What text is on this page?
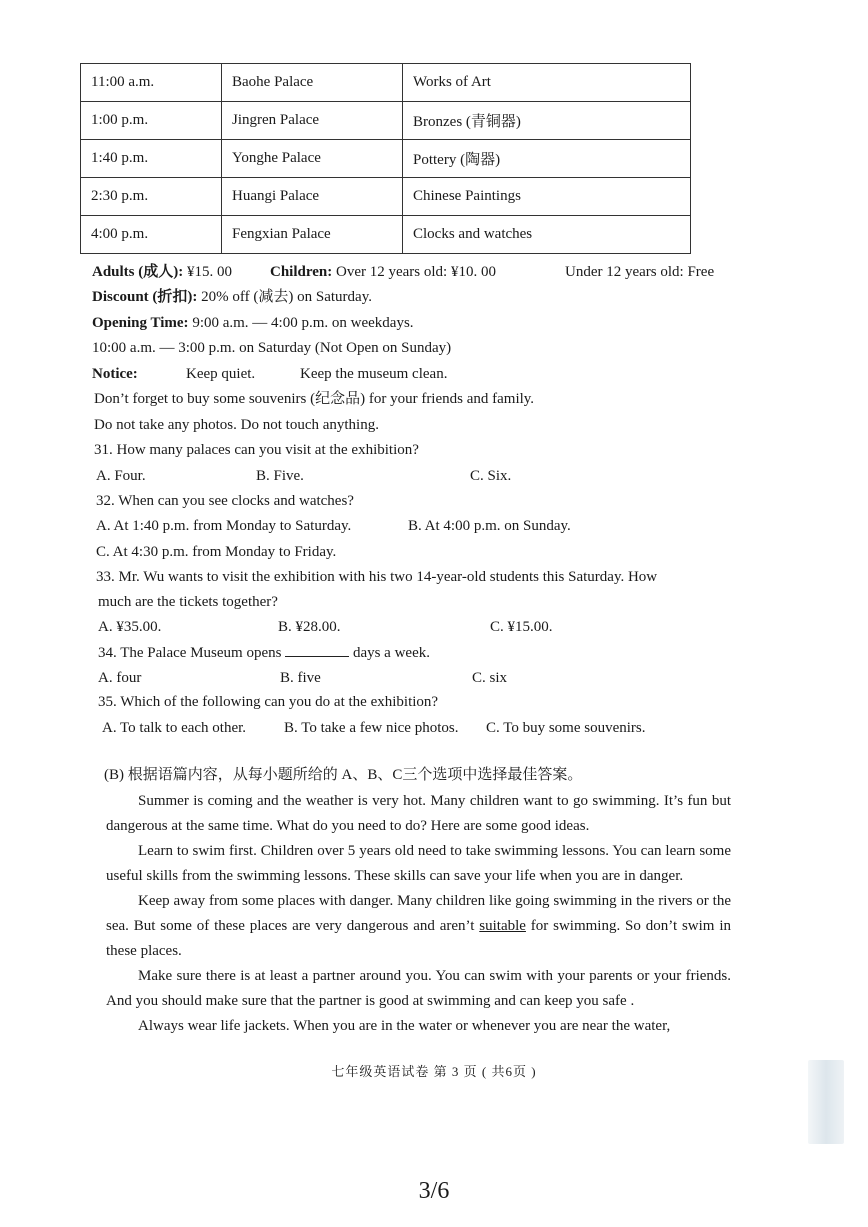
11:00 a.m.	Baohe Palace	Works of Art
1:00 p.m.	Jingren Palace	Bronzes (青铜器)
1:40 p.m.	Yonghe Palace	Pottery (陶器)
2:30 p.m.	Huangi Palace	Chinese Paintings
4:00 p.m.	Fengxian Palace	Clocks and watches
Adults (成人): ¥15. 00	Children: Over 12 years old: ¥10. 00	Under 12 years old: Free
Discount (折扣): 20% off (减去) on Saturday.
Opening Time: 9:00 a.m. — 4:00 p.m. on weekdays.
10:00 a.m. — 3:00 p.m. on Saturday (Not Open on Sunday)
Notice:	Keep quiet.	Keep the museum clean.
Don’t forget to buy some souvenirs (纪念品) for your friends and family.
Do not take any photos. Do not touch anything.
31. How many palaces can you visit at the exhibition?
A. Four.	B. Five.	C. Six.
32. When can you see clocks and watches?
A. At 1:40 p.m. from Monday to Saturday.	B. At 4:00 p.m. on Sunday.
C. At 4:30 p.m. from Monday to Friday.
33. Mr. Wu wants to visit the exhibition with his two 14-year-old students this Saturday. How
much are the tickets together?
A. ¥35.00.	B. ¥28.00.	C. ¥15.00.
34. The Palace Museum opens	days a week.
A. four	B. five	C. six
35. Which of the following can you do at the exhibition?
A. To talk to each other.	B. To take a few nice photos. C. To buy some souvenirs.
(B) 根据语篇内容，从每小题所给的 A、B、C三个选项中选择最佳答案。

Summer is coming and the weather is very hot. Many children want to go swimming. It’s fun but dangerous at the same time. What do you need to do? Here are some good ideas.

Learn to swim first. Children over 5 years old need to take swimming lessons. You can learn some useful skills from the swimming lessons. These skills can save your life when you are in danger.

Keep away from some places with danger. Many children like going swimming in the rivers or the sea. But some of these places are very dangerous and aren’t suitable for swimming. So don’t swim in these places.

Make sure there is at least a partner around you. You can swim with your parents or your friends. And you should make sure that the partner is good at swimming and can keep you safe .

Always wear life jackets. When you are in the water or whenever you are near the water,

七年级英语试卷 第 3 页 ( 共6页 )
3/6
